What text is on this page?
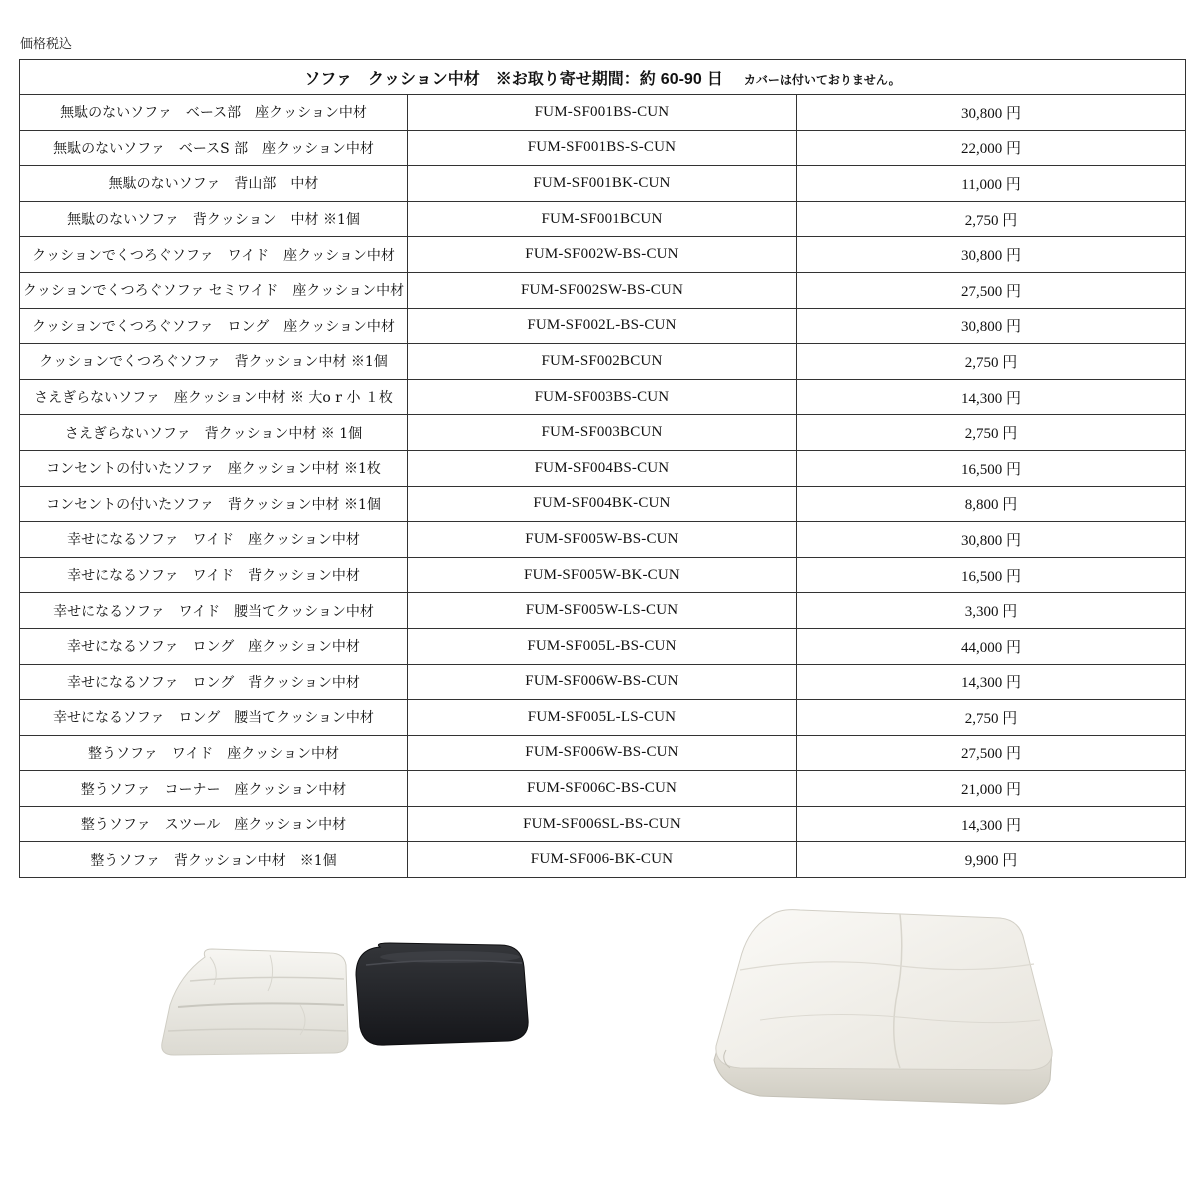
価格税込
ソファ　クッション中材　※お取り寄せ期間：約 60-90 日 カバーは付いておりません。		
無駄のないソファ　ベース部　座クッション中材	FUM-SF001BS-CUN	30,800 円
無駄のないソファ　ベースS 部　座クッション中材	FUM-SF001BS-S-CUN	22,000 円
無駄のないソファ　背山部　中材	FUM-SF001BK-CUN	11,000 円
無駄のないソファ　背クッション　中材 ※1個	FUM-SF001BCUN	2,750 円
クッションでくつろぐソファ　ワイド　座クッション中材	FUM-SF002W-BS-CUN	30,800 円
クッションでくつろぐソファ セミワイド　座クッション中材	FUM-SF002SW-BS-CUN	27,500 円
クッションでくつろぐソファ　ロング　座クッション中材	FUM-SF002L-BS-CUN	30,800 円
クッションでくつろぐソファ　背クッション中材 ※1個	FUM-SF002BCUN	2,750 円
さえぎらないソファ　座クッション中材 ※ 大o r 小 １枚	FUM-SF003BS-CUN	14,300 円
さえぎらないソファ　背クッション中材 ※ 1個	FUM-SF003BCUN	2,750 円
コンセントの付いたソファ　座クッション中材 ※1枚	FUM-SF004BS-CUN	16,500 円
コンセントの付いたソファ　背クッション中材 ※1個	FUM-SF004BK-CUN	8,800 円
幸せになるソファ　ワイド　座クッション中材	FUM-SF005W-BS-CUN	30,800 円
幸せになるソファ　ワイド　背クッション中材	FUM-SF005W-BK-CUN	16,500 円
幸せになるソファ　ワイド　腰当てクッション中材	FUM-SF005W-LS-CUN	3,300 円
幸せになるソファ　ロング　座クッション中材	FUM-SF005L-BS-CUN	44,000 円
幸せになるソファ　ロング　背クッション中材	FUM-SF006W-BS-CUN	14,300 円
幸せになるソファ　ロング　腰当てクッション中材	FUM-SF005L-LS-CUN	2,750 円
整うソファ　ワイド　座クッション中材	FUM-SF006W-BS-CUN	27,500 円
整うソファ　コーナー　座クッション中材	FUM-SF006C-BS-CUN	21,000 円
整うソファ　スツール　座クッション中材	FUM-SF006SL-BS-CUN	14,300 円
整うソファ　背クッション中材　※1個	FUM-SF006-BK-CUN	9,900 円
